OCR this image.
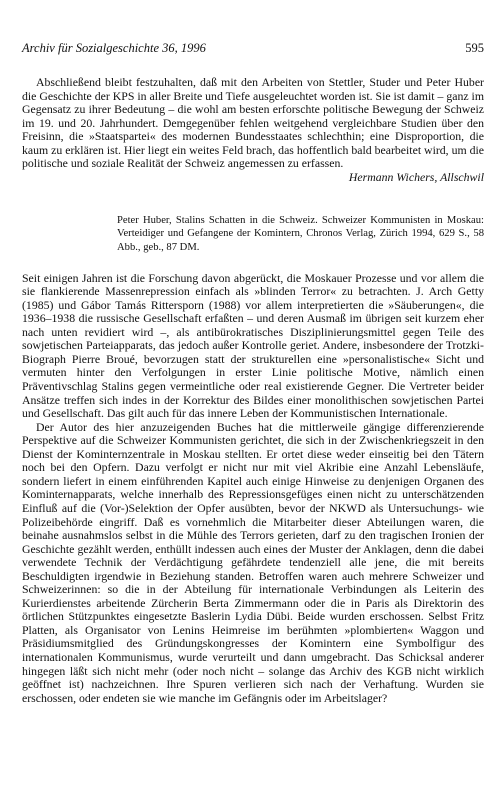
Archiv für Sozialgeschichte 36, 1996	595

Abschließend bleibt festzuhalten, daß mit den Arbeiten von Stettler, Studer und Peter Huber die Geschichte der KPS in aller Breite und Tiefe ausgeleuchtet worden ist. Sie ist damit – ganz im Gegensatz zu ihrer Bedeutung – die wohl am besten erforschte politische Bewegung der Schweiz im 19. und 20. Jahrhundert. Demgegenüber fehlen weitgehend vergleichbare Studien über den Freisinn, die »Staatspartei« des modernen Bundesstaates schlechthin; eine Disproportion, die kaum zu erklären ist. Hier liegt ein weites Feld brach, das hoffentlich bald bearbeitet wird, um die politische und soziale Realität der Schweiz angemessen zu erfassen.
Hermann Wichers, Allschwil

Peter Huber, Stalins Schatten in die Schweiz. Schweizer Kommunisten in Moskau: Verteidiger und Gefangene der Komintern, Chronos Verlag, Zürich 1994, 629 S., 58 Abb., geb., 87 DM.

Seit einigen Jahren ist die Forschung davon abgerückt, die Moskauer Prozesse und vor allem die sie flankierende Massenrepression einfach als »blinden Terror« zu betrachten. J. Arch Getty (1985) und Gábor Tamás Rittersporn (1988) vor allem interpretierten die »Säuberungen«, die 1936–1938 die russische Gesellschaft erfaßten – und deren Ausmaß im übrigen seit kurzem eher nach unten revidiert wird –, als antibürokratisches Disziplinierungsmittel gegen Teile des sowjetischen Parteiapparats, das jedoch außer Kontrolle geriet. Andere, insbesondere der Trotzki-Biograph Pierre Broué, bevorzugen statt der strukturellen eine »personalistische« Sicht und vermuten hinter den Verfolgungen in erster Linie politische Motive, nämlich einen Präventivschlag Stalins gegen vermeintliche oder real existierende Gegner. Die Vertreter beider Ansätze treffen sich indes in der Korrektur des Bildes einer monolithischen sowjetischen Partei und Gesellschaft. Das gilt auch für das innere Leben der Kommunistischen Internationale.

Der Autor des hier anzuzeigenden Buches hat die mittlerweile gängige differenzierende Perspektive auf die Schweizer Kommunisten gerichtet, die sich in der Zwischenkriegszeit in den Dienst der Kominternzentrale in Moskau stellten. Er ortet diese weder einseitig bei den Tätern noch bei den Opfern. Dazu verfolgt er nicht nur mit viel Akribie eine Anzahl Lebensläufe, sondern liefert in einem einführenden Kapitel auch einige Hinweise zu denjenigen Organen des Kominternapparats, welche innerhalb des Repressionsgefüges einen nicht zu unterschätzenden Einfluß auf die (Vor-)Selektion der Opfer ausübten, bevor der NKWD als Untersuchungs- wie Polizeibehörde eingriff. Daß es vornehmlich die Mitarbeiter dieser Abteilungen waren, die beinahe ausnahmslos selbst in die Mühle des Terrors gerieten, darf zu den tragischen Ironien der Geschichte gezählt werden, enthüllt indessen auch eines der Muster der Anklagen, denn die dabei verwendete Technik der Verdächtigung gefährdete tendenziell alle jene, die mit bereits Beschuldigten irgendwie in Beziehung standen. Betroffen waren auch mehrere Schweizer und Schweizerinnen: so die in der Abteilung für internationale Verbindungen als Leiterin des Kurierdienstes arbeitende Zürcherin Berta Zimmermann oder die in Paris als Direktorin des örtlichen Stützpunktes eingesetzte Baslerin Lydia Dübi. Beide wurden erschossen. Selbst Fritz Platten, als Organisator von Lenins Heimreise im berühmten »plombierten« Waggon und Präsidiumsmitglied des Gründungskongresses der Komintern eine Symbolfigur des internationalen Kommunismus, wurde verurteilt und dann umgebracht. Das Schicksal anderer hingegen läßt sich nicht mehr (oder noch nicht – solange das Archiv des KGB nicht wirklich geöffnet ist) nachzeichnen. Ihre Spuren verlieren sich nach der Verhaftung. Wurden sie erschossen, oder endeten sie wie manche im Gefängnis oder im Arbeitslager?
